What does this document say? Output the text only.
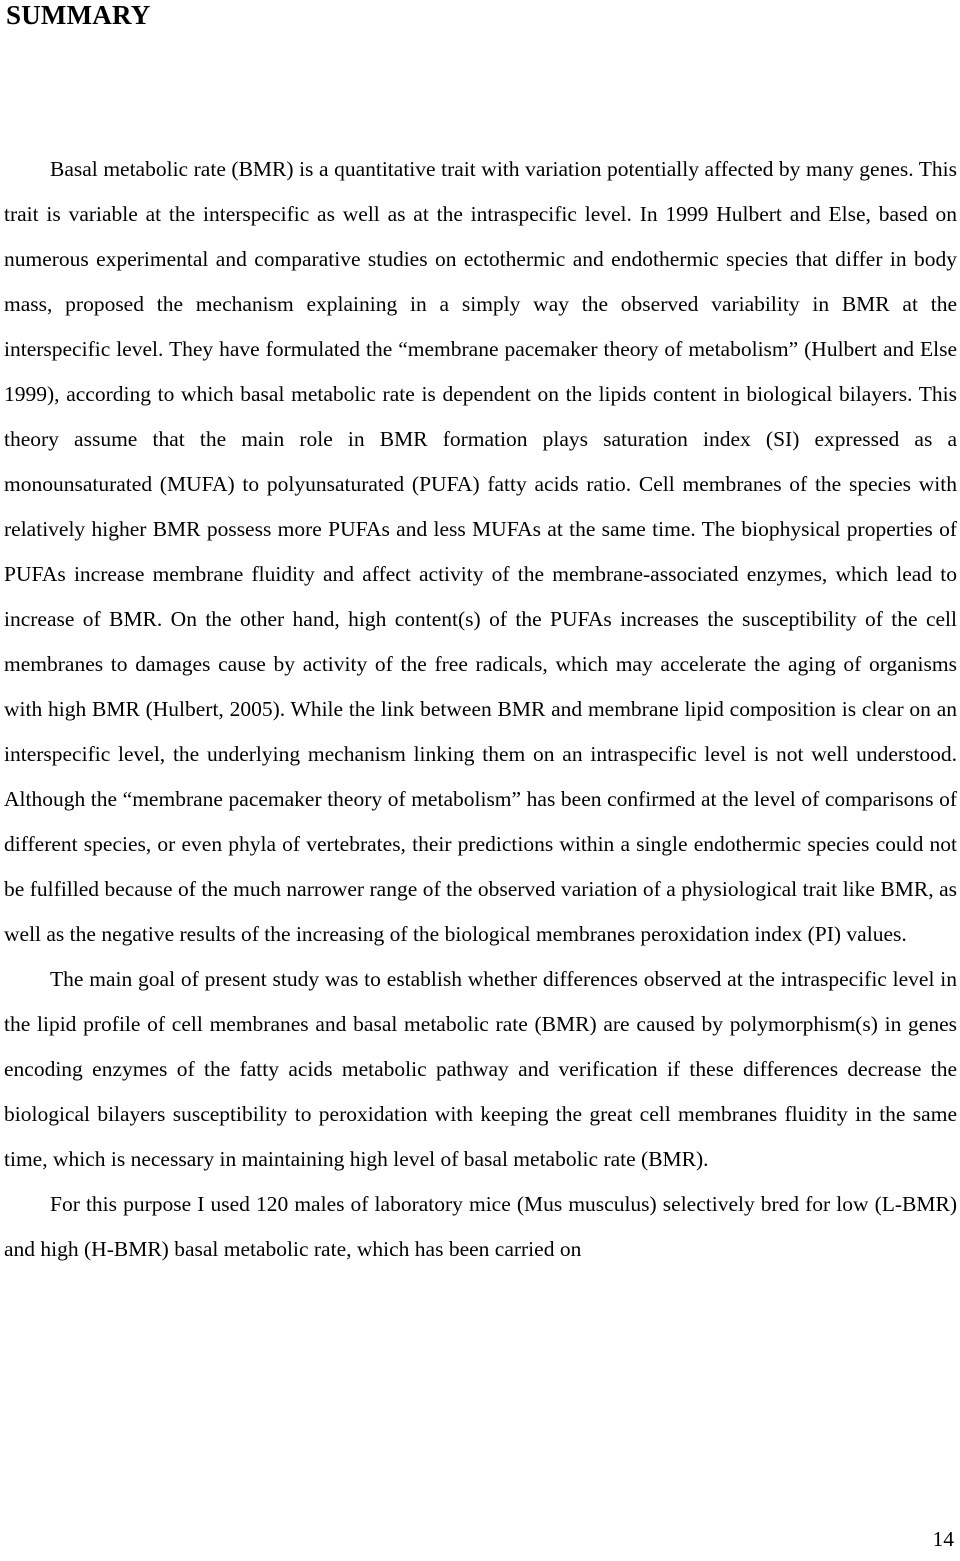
SUMMARY

Basal metabolic rate (BMR) is a quantitative trait with variation potentially affected by many genes. This trait is variable at the interspecific as well as at the intraspecific level. In 1999 Hulbert and Else, based on numerous experimental and comparative studies on ectothermic and endothermic species that differ in body mass, proposed the mechanism explaining in a simply way the observed variability in BMR at the interspecific level. They have formulated the “membrane pacemaker theory of metabolism” (Hulbert and Else 1999), according to which basal metabolic rate is dependent on the lipids content in biological bilayers. This theory assume that the main role in BMR formation plays saturation index (SI) expressed as a monounsaturated (MUFA) to polyunsaturated (PUFA) fatty acids ratio. Cell membranes of the species with relatively higher BMR possess more PUFAs and less MUFAs at the same time. The biophysical properties of PUFAs increase membrane fluidity and affect activity of the membrane-associated enzymes, which lead to increase of BMR. On the other hand, high content(s) of the PUFAs increases the susceptibility of the cell membranes to damages cause by activity of the free radicals, which may accelerate the aging of organisms with high BMR (Hulbert, 2005). While the link between BMR and membrane lipid composition is clear on an interspecific level, the underlying mechanism linking them on an intraspecific level is not well understood. Although the “membrane pacemaker theory of metabolism” has been confirmed at the level of comparisons of different species, or even phyla of vertebrates, their predictions within a single endothermic species could not be fulfilled because of the much narrower range of the observed variation of a physiological trait like BMR, as well as the negative results of the increasing of the biological membranes peroxidation index (PI) values.

The main goal of present study was to establish whether differences observed at the intraspecific level in the lipid profile of cell membranes and basal metabolic rate (BMR) are caused by polymorphism(s) in genes encoding enzymes of the fatty acids metabolic pathway and verification if these differences decrease the biological bilayers susceptibility to peroxidation with keeping the great cell membranes fluidity in the same time, which is necessary in maintaining high level of basal metabolic rate (BMR).

For this purpose I used 120 males of laboratory mice (Mus musculus) selectively bred for low (L-BMR) and high (H-BMR) basal metabolic rate, which has been carried on

14
